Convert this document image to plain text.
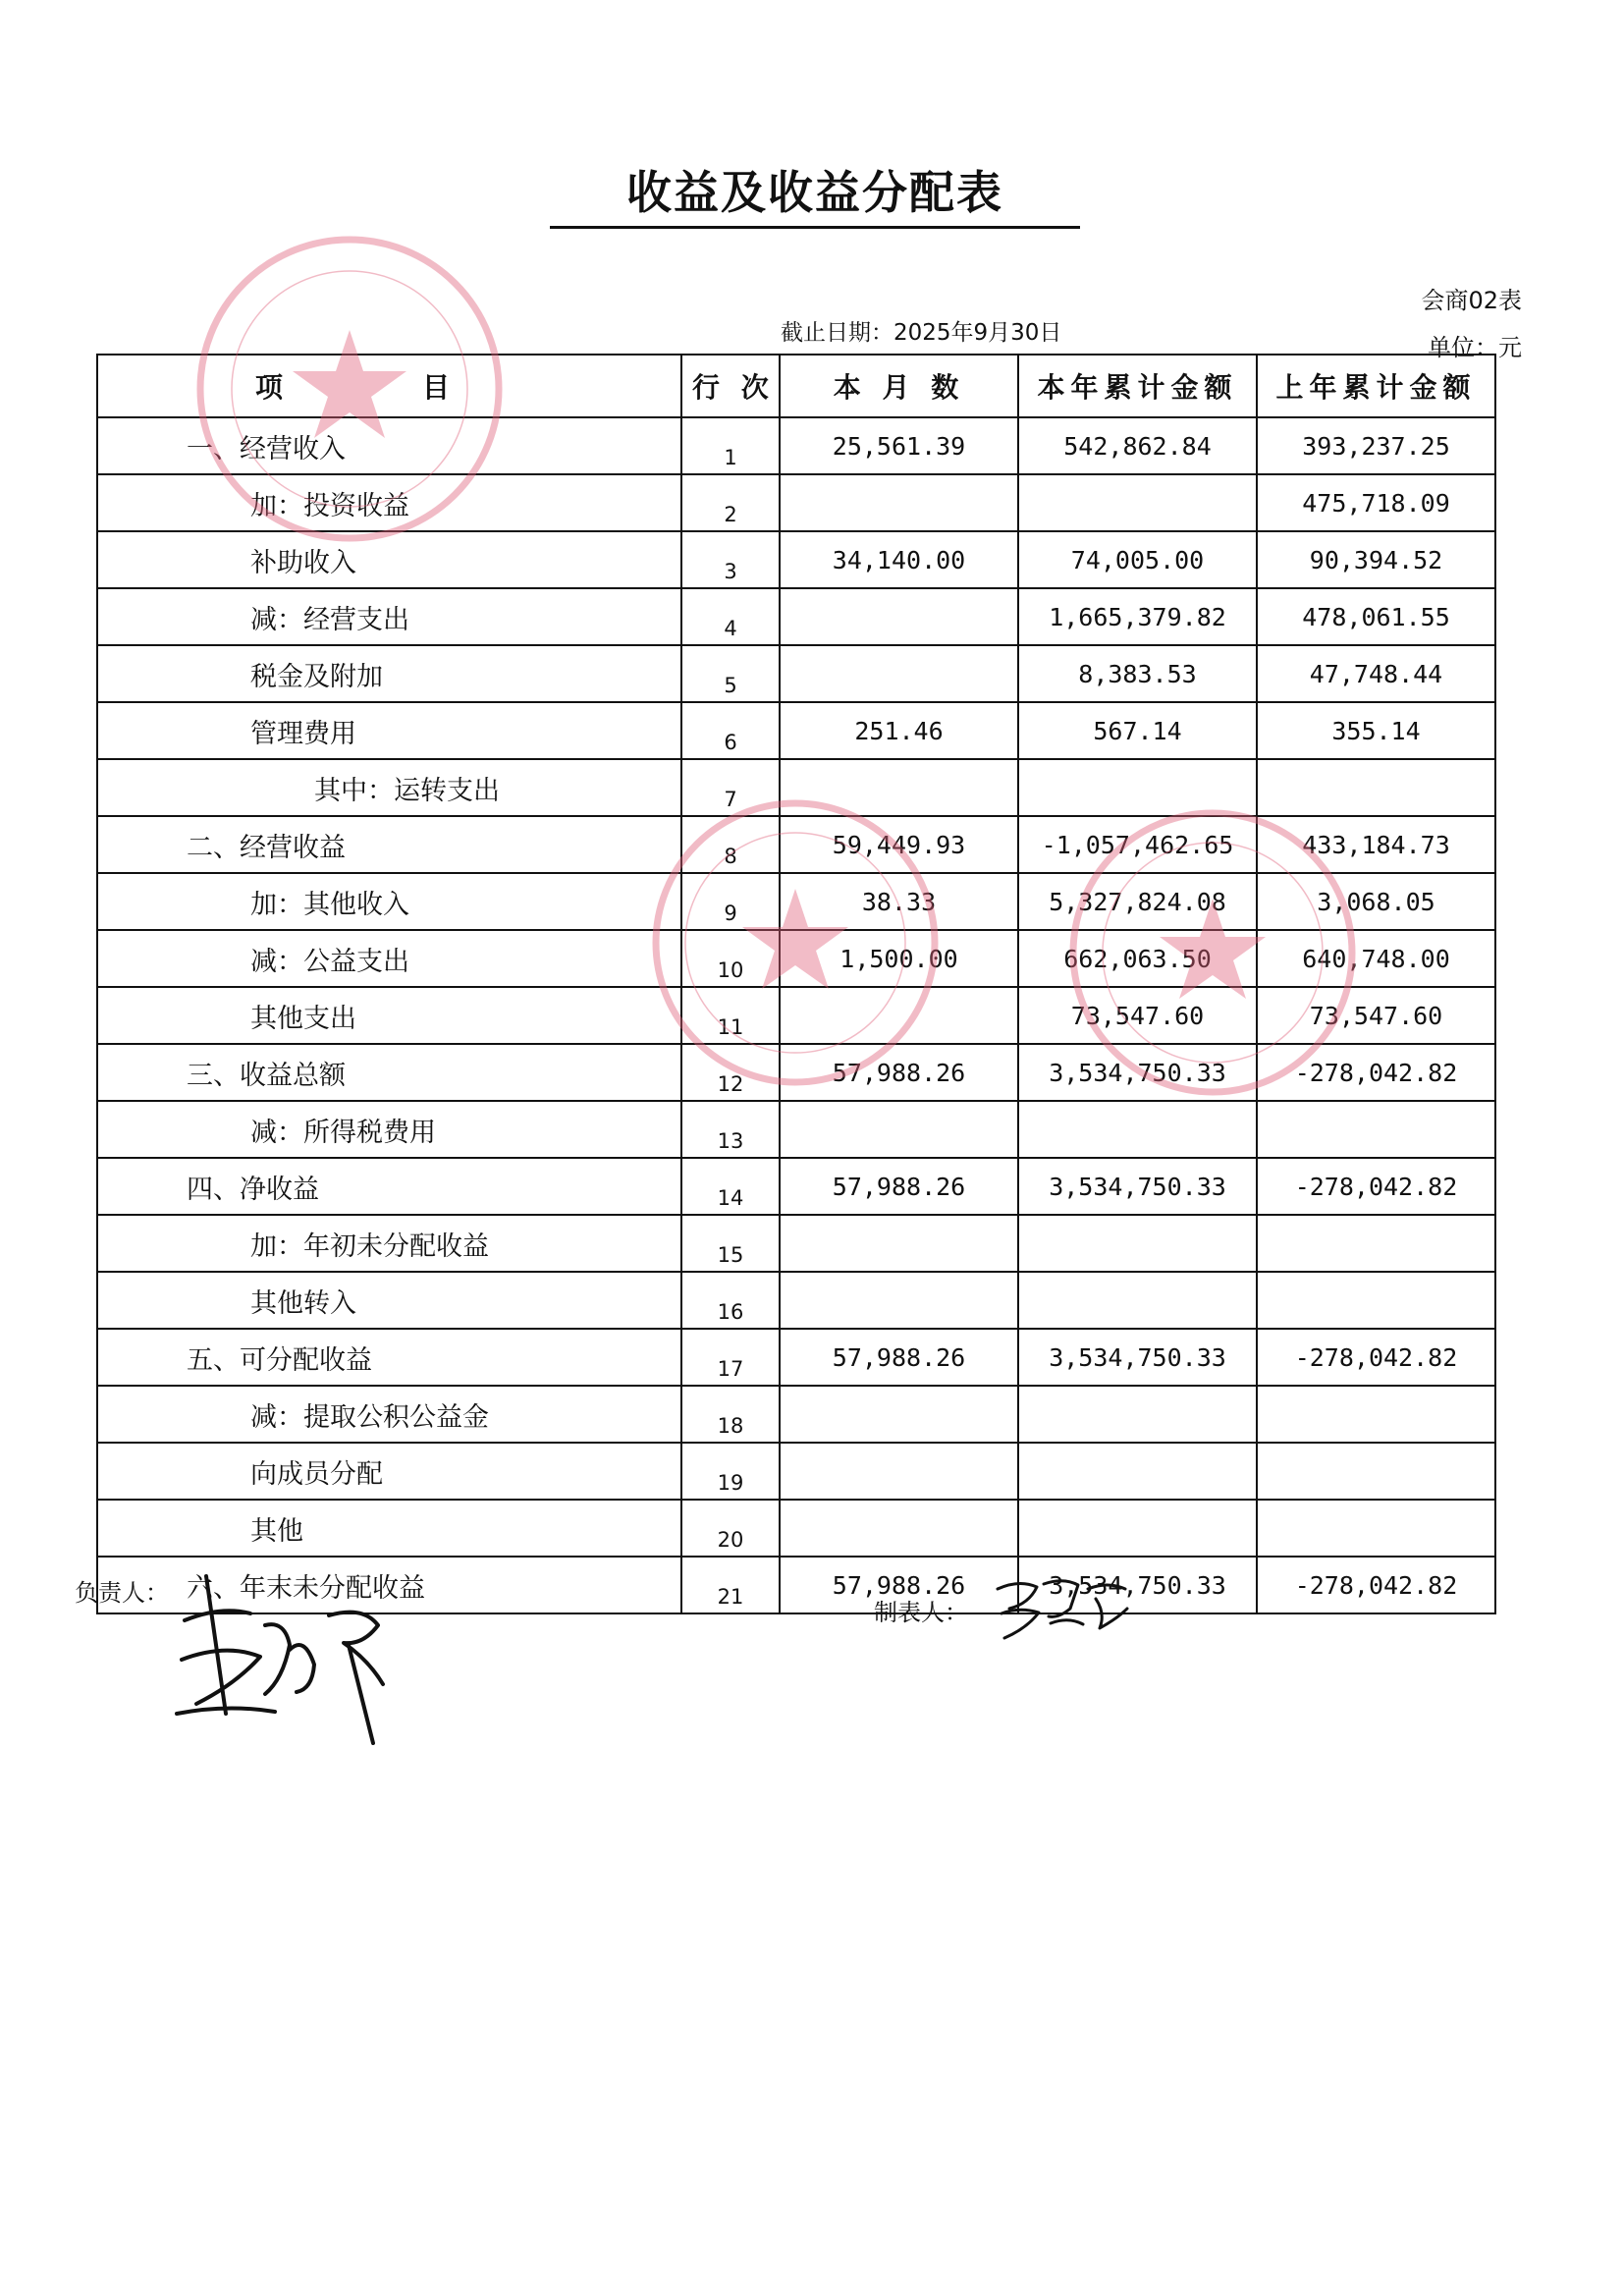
收益及收益分配表
会商02表
截止日期：2025年9月30日
单位：元
项 目	行 次	本 月 数	本年累计金额	上年累计金额
一、经营收入	1	25,561.39	542,862.84	393,237.25
加：投资收益	2			475,718.09
补助收入	3	34,140.00	74,005.00	90,394.52
减：经营支出	4		1,665,379.82	478,061.55
税金及附加	5		8,383.53	47,748.44
管理费用	6	251.46	567.14	355.14
其中：运转支出	7			
二、经营收益	8	59,449.93	-1,057,462.65	433,184.73
加：其他收入	9	38.33	5,327,824.08	3,068.05
减：公益支出	10	1,500.00	662,063.50	640,748.00
其他支出	11		73,547.60	73,547.60
三、收益总额	12	57,988.26	3,534,750.33	-278,042.82
减：所得税费用	13			
四、净收益	14	57,988.26	3,534,750.33	-278,042.82
加：年初未分配收益	15			
其他转入	16			
五、可分配收益	17	57,988.26	3,534,750.33	-278,042.82
减：提取公积公益金	18			
向成员分配	19			
其他	20			
六、年末未分配收益	21	57,988.26	3,534,750.33	-278,042.82
负责人：
制表人：
